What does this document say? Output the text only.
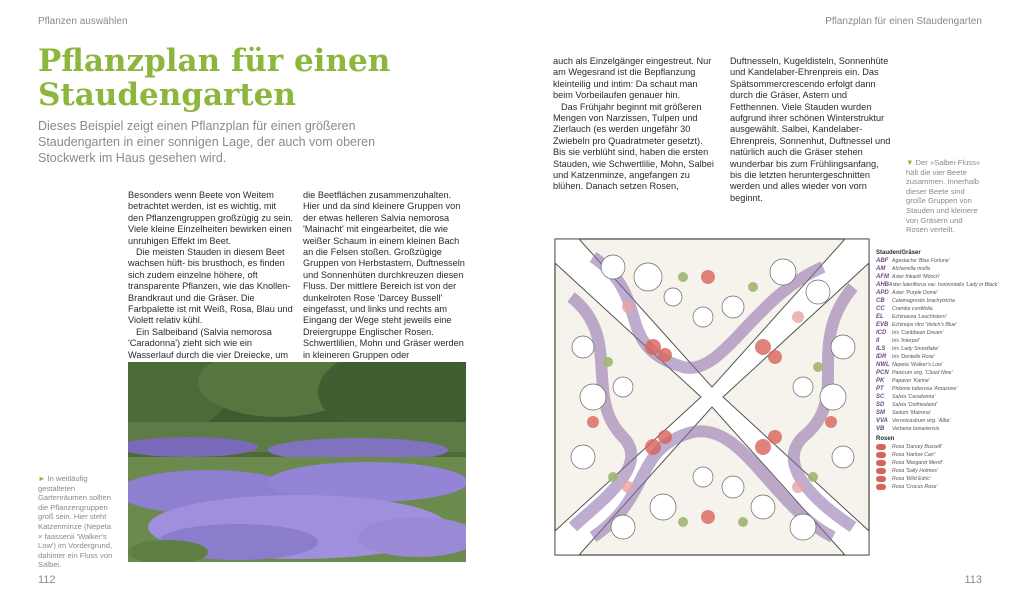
Pflanzen auswählen	Pflanzplan für einen Staudengarten
Pflanzplan für einen
Staudengarten

Dieses Beispiel zeigt einen Pflanzplan für einen größeren Staudengarten in einer sonnigen Lage, der auch vom oberen Stockwerk im Haus gesehen wird.

Besonders wenn Beete von Weitem betrachtet werden, ist es wichtig, mit den Pflanzengruppen großzügig zu sein. Viele kleine Einzelheiten bewirken einen unruhigen Effekt im Beet.

Die meisten Stauden in diesem Beet wachsen hüft- bis brusthoch, es finden sich zudem einzelne höhere, oft transparente Pflanzen, wie das Knollen-Brandkraut und die Gräser. Die Farbpalette ist mit Weiß, Rosa, Blau und Violett relativ kühl.

Ein Salbeiband (Salvia nemorosa 'Caradonna') zieht sich wie ein Wasserlauf durch die vier Dreiecke, um

die Beetflächen zusammenzuhalten. Hier und da sind kleinere Gruppen von der etwas helleren Salvia nemorosa 'Mainacht' mit eingearbeitet, die wie weißer Schaum in einem kleinen Bach an die Felsen stoßen. Großzügige Gruppen von Herbstastern, Duftnesseln und Sonnenhüten durchkreuzen diesen Fluss. Der mittlere Bereich ist von der dunkelroten Rose 'Darcey Bussell' eingefasst, und links und rechts am Eingang der Wege steht jeweils eine Dreiergruppe Englischer Rosen. Schwertlilien, Mohn und Gräser werden in kleineren Gruppen oder

auch als Einzelgänger eingestreut. Nur am Wegesrand ist die Bepflanzung kleinteilig und intim: Da schaut man beim Vorbeilaufen genauer hin.

Das Frühjahr beginnt mit größeren Mengen von Narzissen, Tulpen und Zierlauch (es werden ungefähr 30 Zwiebeln pro Quadratmeter gesetzt). Bis sie verblüht sind, haben die ersten Stauden, wie Schwertlilie, Mohn, Salbei und Katzenminze, angefangen zu blühen. Danach setzen Rosen,

Duftnesseln, Kugeldisteln, Sonnenhüte und Kandelaber-Ehrenpreis ein. Das Spätsommercrescendo erfolgt dann durch die Gräser, Astern und Fetthennen. Viele Stauden wurden aufgrund ihrer schönen Winterstruktur ausgewählt. Salbei, Kandelaber-Ehrenpreis, Sonnenhut, Duftnessel und natürlich auch die Gräser stehen wunderbar bis zum Frühlingsanfang, bis die letzten heruntergeschnitten werden und alles wieder von vorn beginnt.

► In weitläufig gestalteten Gartenräumen sollten die Pflanzengruppen groß sein. Hier steht Katzenminze (Nepeta × faassenii 'Walker's Low') im Vordergrund, dahinter ein Fluss von Salbei.
▼ Der »Salbei-Fluss« hält die vier Beete zusammen. Innerhalb dieser Beete sind große Gruppen von Stauden und kleinere von Gräsern und Rosen verteilt.
Stauden/Gräser
ABF Agastache 'Blue Fortune'
AM	Alchemilla mollis
AFM Aster frikartii 'Mönch'
AHB Aster lateriflorus var. horizontalis 'Lady in Black'
APD Aster 'Purple Dome'
CB	Calamagrostis brachytricha
CC	Crambe cordifolia
EL	Echinacea 'Leuchtstern'
EVB Echinops ritro 'Veitch's Blue'
ICD	Iris 'Caribbean Dream'
II	Iris 'Interpol'
ILS	Iris 'Lady Snowflake'
IDR	Iris 'Dentelle Rose'
NWL Nepeta 'Walker's Low'
PCN Panicum virg. 'Cloud Nine'
PK	Papaver 'Karine'
PT	Phlomis tuberosa 'Amazone'
SC	Salvia 'Caradonna'
SD	Salvia 'Ostfriesland'
SM	Sedum 'Matrona'
VVA Veronicastrum virg. 'Alba'
VB	Verbena bonariensis
Rosen
Rosa 'Darcey Bussell'
Rosa 'Harlow Carr'
Rosa 'Margaret Merril'
Rosa 'Sally Holmes'
Rosa 'Wild Edric'
Rosa 'Crocus Rose'
112	113
